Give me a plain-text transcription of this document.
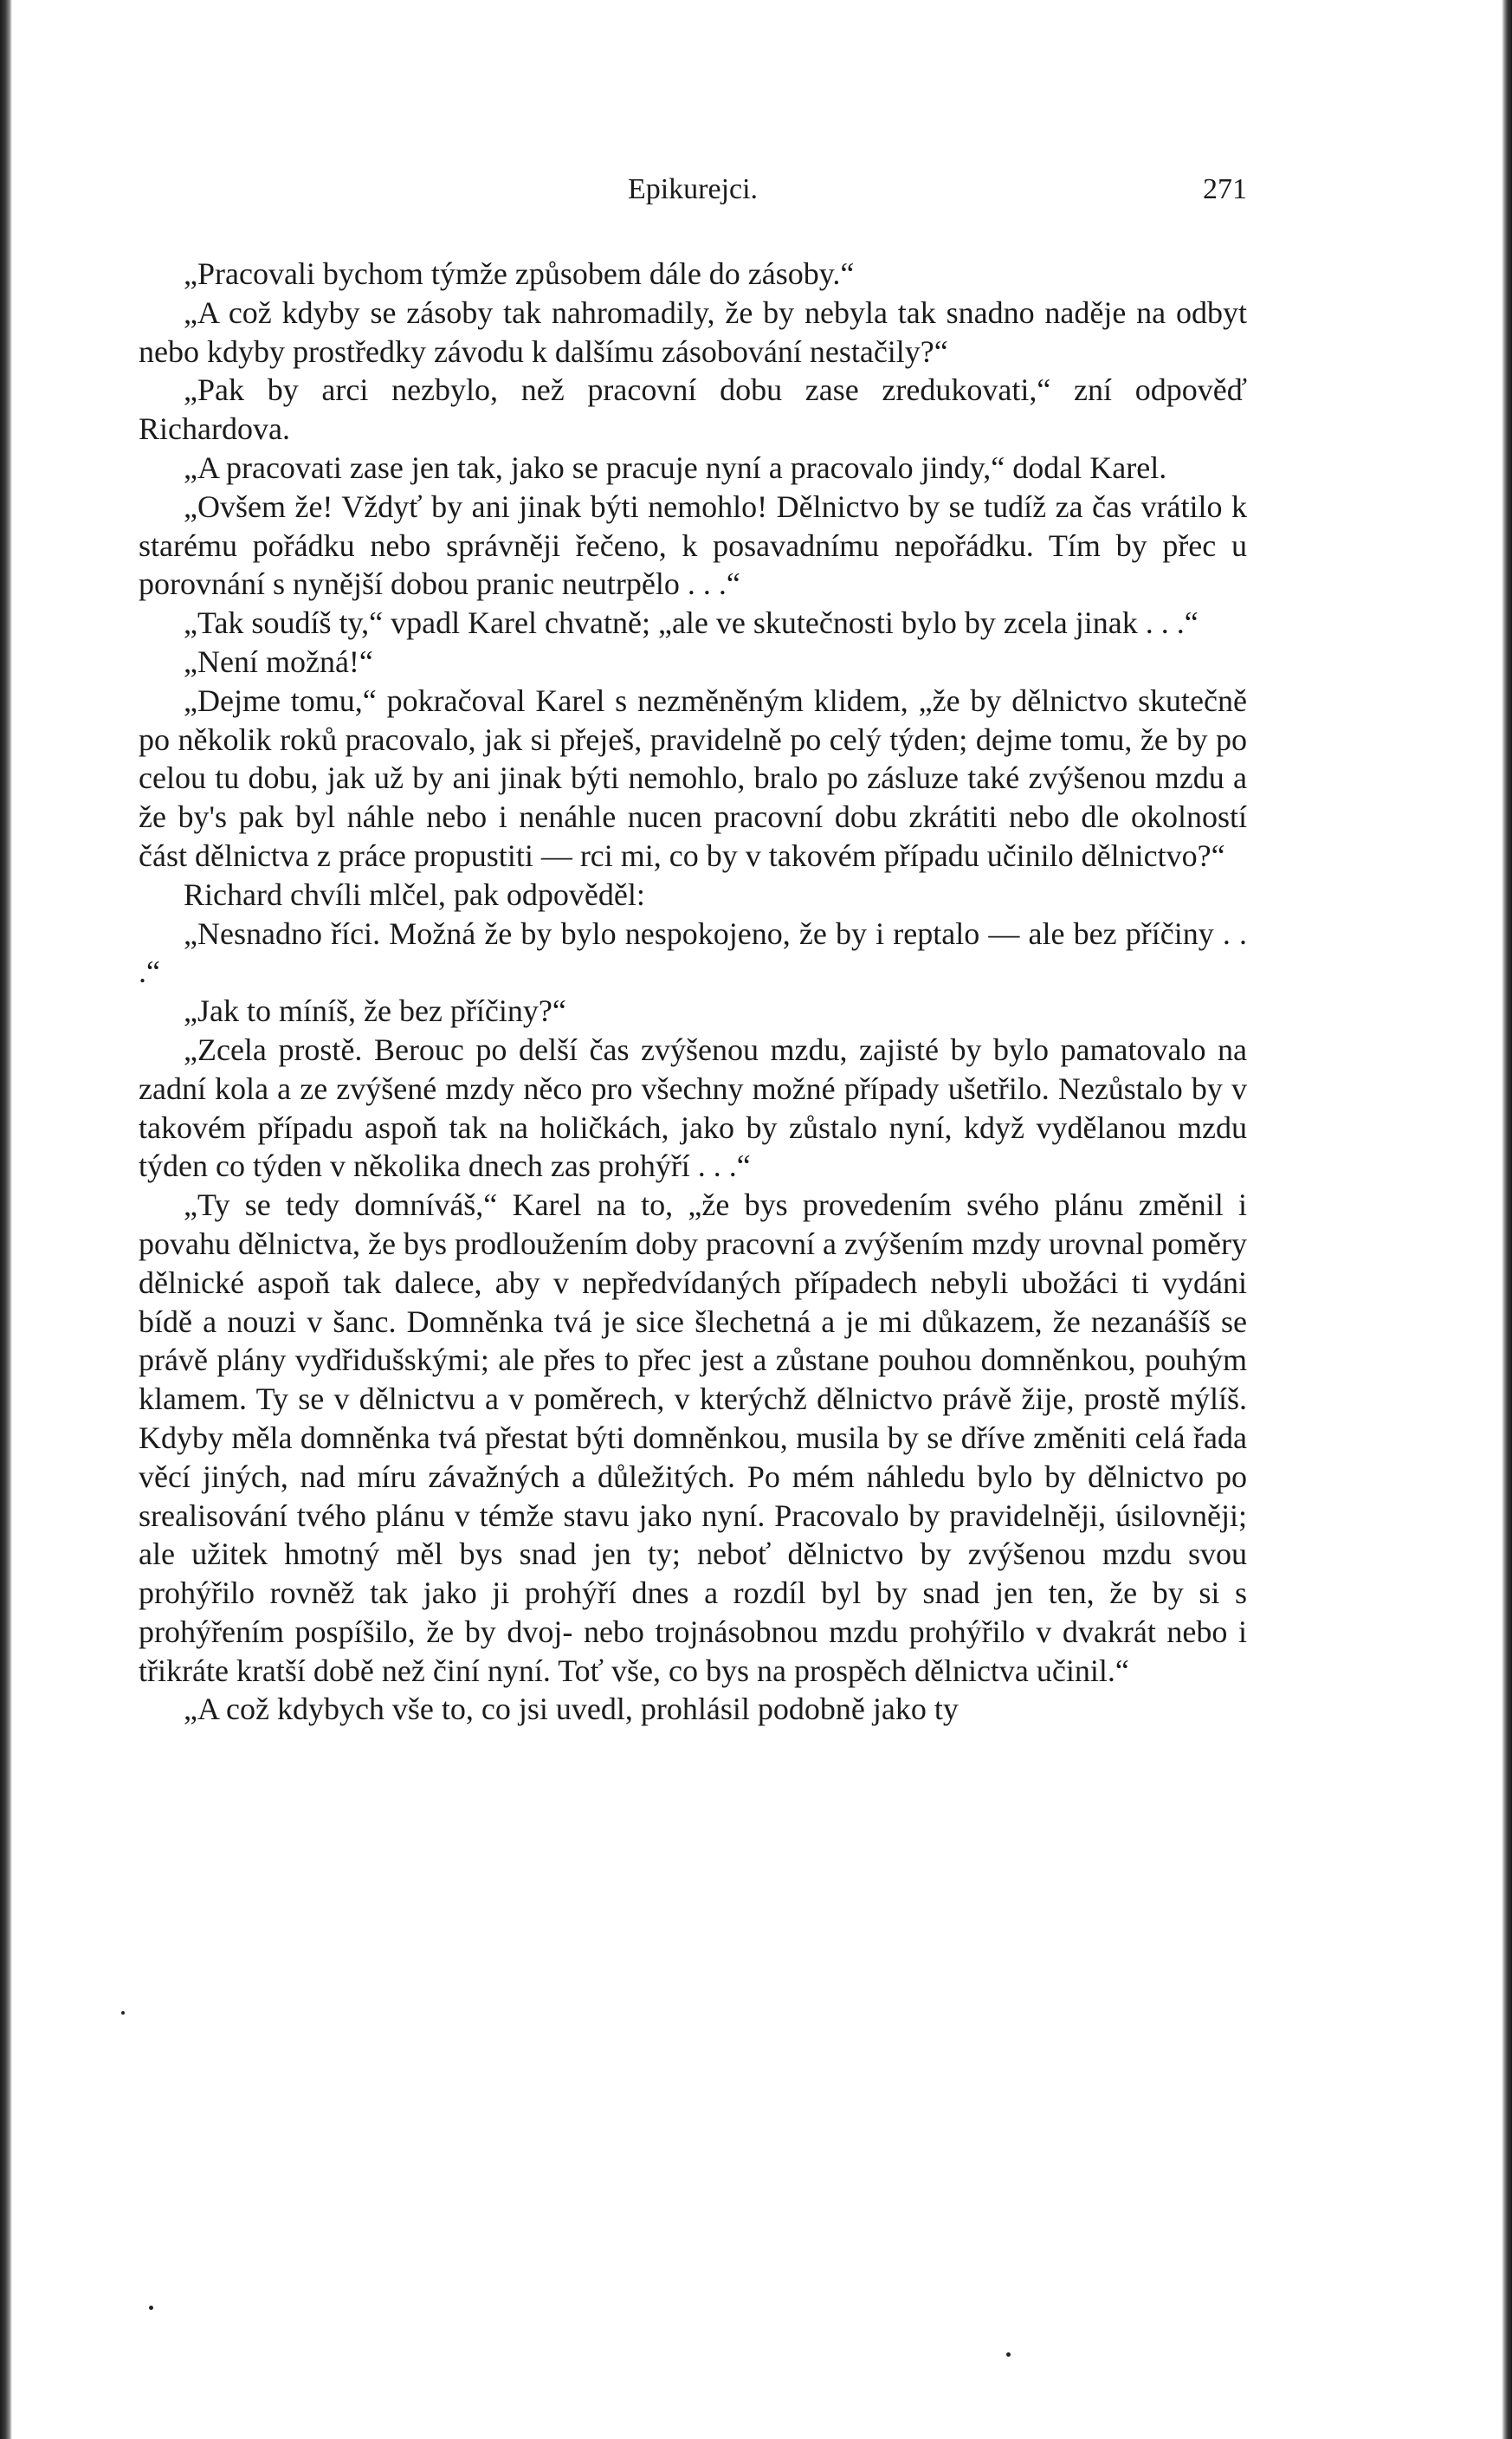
Epikurejci.	271

„Pracovali bychom týmže způsobem dále do zásoby.“

„A což kdyby se zásoby tak nahromadily, že by nebyla tak snadno naděje na odbyt nebo kdyby prostředky závodu k dalšímu zásobování nestačily?“

„Pak by arci nezbylo, než pracovní dobu zase zredukovati,“ zní odpověď Richardova.

„A pracovati zase jen tak, jako se pracuje nyní a pracovalo jindy,“ dodal Karel.

„Ovšem že! Vždyť by ani jinak býti nemohlo! Dělnictvo by se tudíž za čas vrátilo k starému pořádku nebo správněji řečeno, k posavadnímu nepořádku. Tím by přec u porovnání s nynější dobou pranic neutrpělo . . .“

„Tak soudíš ty,“ vpadl Karel chvatně; „ale ve skutečnosti bylo by zcela jinak . . .“

„Není možná!“

„Dejme tomu,“ pokračoval Karel s nezměněným klidem, „že by dělnictvo skutečně po několik roků pracovalo, jak si přeješ, pravidelně po celý týden; dejme tomu, že by po celou tu dobu, jak už by ani jinak býti nemohlo, bralo po zásluze také zvýšenou mzdu a že by's pak byl náhle nebo i nenáhle nucen pracovní dobu zkrátiti nebo dle okolností část dělnictva z práce propustiti — rci mi, co by v takovém případu učinilo dělnictvo?“

Richard chvíli mlčel, pak odpověděl:

„Nesnadno říci. Možná že by bylo nespokojeno, že by i reptalo — ale bez příčiny . . .“

„Jak to míníš, že bez příčiny?“

„Zcela prostě. Berouc po delší čas zvýšenou mzdu, zajisté by bylo pamatovalo na zadní kola a ze zvýšené mzdy něco pro všechny možné případy ušetřilo. Nezůstalo by v takovém případu aspoň tak na holičkách, jako by zůstalo nyní, když vydělanou mzdu týden co týden v několika dnech zas prohýří . . .“

„Ty se tedy domníváš,“ Karel na to, „že bys provedením svého plánu změnil i povahu dělnictva, že bys prodloužením doby pracovní a zvýšením mzdy urovnal poměry dělnické aspoň tak dalece, aby v nepředvídaných případech nebyli ubožáci ti vydáni bídě a nouzi v šanc. Domněnka tvá je sice šlechetná a je mi důkazem, že nezanášíš se právě plány vydřidušskými; ale přes to přec jest a zůstane pouhou domněnkou, pouhým klamem. Ty se v dělnictvu a v poměrech, v kterýchž dělnictvo právě žije, prostě mýlíš. Kdyby měla domněnka tvá přestat býti domněnkou, musila by se dříve změniti celá řada věcí jiných, nad míru závažných a důležitých. Po mém náhledu bylo by dělnictvo po srealisování tvého plánu v témže stavu jako nyní. Pracovalo by pravidelněji, úsilovněji; ale užitek hmotný měl bys snad jen ty; neboť dělnictvo by zvýšenou mzdu svou prohýřilo rovněž tak jako ji prohýří dnes a rozdíl byl by snad jen ten, že by si s prohýřením pospíšilo, že by dvoj- nebo trojnásobnou mzdu prohýřilo v dvakrát nebo i třikráte kratší době než činí nyní. Toť vše, co bys na prospěch dělnictva učinil.“

„A což kdybych vše to, co jsi uvedl, prohlásil podobně jako ty
